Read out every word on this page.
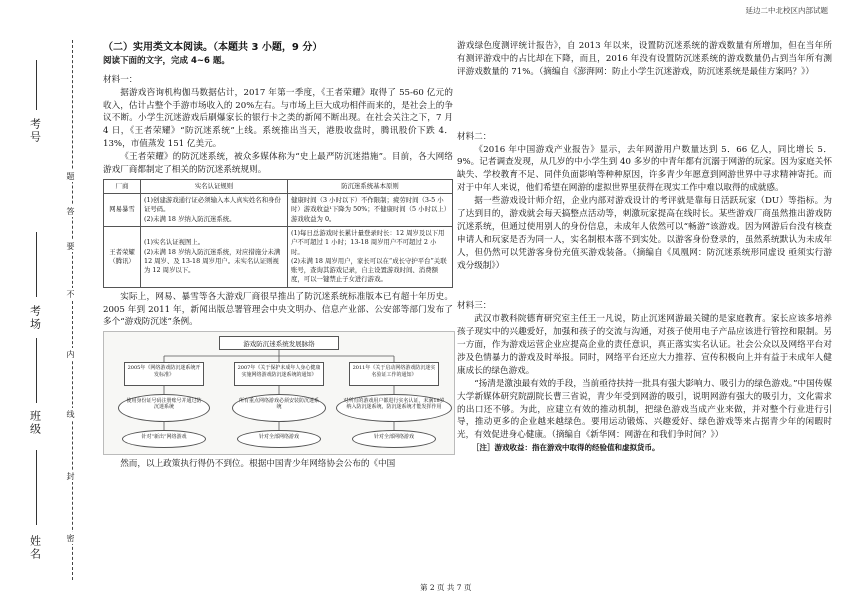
延边二中北校区内部试题
考号
考场
班级
姓名	密
封
线
内
不
要
答
题

（二）实用类文本阅读。（本题共 3 小题，9 分）

阅读下面的文字，完成 4~6 题。

材料一：

据游戏咨询机构伽马数据估计，2017 年第一季度，《王者荣耀》取得了 55-60 亿元的收入，估计占整个手游市场收入的 20%左右。与市场上巨大成功相伴而来的，是社会上的争议不断。小学生沉迷游戏后刷爆家长的银行卡之类的新闻不断出现。在社会关注之下，7 月 4 日，《王者荣耀》“防沉迷系统”上线。系统推出当天，港股收盘时，腾讯股价下跌 4．13%，市值蒸发 151 亿美元。

《王者荣耀》的防沉迷系统，被众多媒体称为“史上最严防沉迷措施”。目前，各大网络游戏厂商都制定了相关的防沉迷系统规则。

厂商	实名认证规则	防沉迷系统基本原则
网易暴雪	(1)创建游戏通行证必须输入本人真实姓名和身份证号码。
(2)未满 18 岁纳入防沉迷系统。	健康时间（3 小时以下）不作限制；疲劳时间（3-5 小时）游戏收益¹下降为 50%；不健康时间（5 小时以上）游戏收益为 0。
王者荣耀（腾讯）	(1)实名认证视图上。
(2)未满 18 岁纳入防沉迷系统，对应措施分未满 12 周岁、及 13-18 周岁用户。未实名认证则视为 12 周岁以下。	(1)每日总游戏时长累计量登录时长：12 周岁及以下用户不可超过 1 小时；13-18 周岁用户不可超过 2 小时。
(2)未满 18 周岁用户，家长可以在“成长守护平台”关联账号，查询其游戏记录，自主设置游戏时间、消费额度，可以一键禁止子女进行游戏。

实际上，网易、暴雪等各大游戏厂商很早推出了防沉迷系统标准版本已有超十年历史。2005 年到 2011 年，新闻出版总署管理会中央文明办、信息产业部、公安部等部门发布了多个“游戏防沉迷”条例。

游戏防沉迷系统发展脉络
2005年《网络游戏防沉迷系统开发标准》
2007年《关于保护未成年人身心健康实施网络游戏防沉迷系统的通知》
2011年《关于启动网络游戏防沉迷实名验证工作的通知》
使用身份证号码注册账号并通过防沉迷系统
所有重点网络游戏必须安装防沉迷系统
对所有的游戏用户都进行实名认证，未满18岁纳入防沉迷系统，防沉迷系统才能发挥作用
针对“新出”网络游戏	针对全部网络游戏	针对全部网络游戏

然而，以上政策执行得仍不到位。根据中国青少年网络协会公布的《中国

游戏绿色度测评统计报告》，自 2013 年以来，设置防沉迷系统的游戏数量有所增加，但在当年所有测评游戏中的占比却在下降，而且，2016 年没有设置防沉迷系统的游戏数量仍占到当年所有测评游戏数量的 71%。（摘编自《澎湃网：防止小学生沉迷游戏，防沉迷系统是最佳方案吗？》）

材料二：

《2016 年中国游戏产业报告》显示，去年网游用户数量达到 5．66 亿人，同比增长 5．9%。记者调查发现，从几岁的中小学生到 40 多岁的中青年都有沉溺于网游的玩家。因为家庭关怀缺失、学校教育不足、同伴负面影响等种种原因，许多青少年愿意到网游世界中寻求精神寄托。而对于中年人来说，他们希望在网游的虚拟世界里获得在现实工作中难以取得的成就感。

据一些游戏设计师介绍，企业内部对游戏设计的考评就是靠每日活跃玩家（DU）等指标。为了达到目的，游戏就会每天搞整点活动等，刺激玩家提高在线时长。某些游戏厂商虽然推出游戏防沉迷系统，但通过使用别人的身份信息，未成年人依然可以“畅游”该游戏。因为网游后台没有核查申请人和玩家是否为同一人，实名制根本落不到实处。以游客身份登录的，虽然系统默认为未成年人，但仍然可以凭游客身份充值买游戏装备。（摘编自《凤凰网：防沉迷系统形同虚设 亟须实行游戏分级制》）

材料三：

武汉市教科院德育研究室主任王一凡说，防止沉迷网游最关键的是家庭教育。家长应该多培养孩子现实中的兴趣爱好，加强和孩子的交流与沟通，对孩子使用电子产品应该进行管控和限制。另一方面，作为游戏运营企业应提高企业的责任意识，真正落实实名认证。社会公众以及网络平台对涉及色情暴力的游戏及时举报。同时，网络平台还应大力推荐、宣传积极向上并有益于未成年人健康成长的绿色游戏。

“扬清是激浊最有效的手段，当前亟待扶持一批具有强大影响力、吸引力的绿色游戏。”中国传媒大学新媒体研究院副院长曹三省说，青少年受到网游的吸引，说明网游有强大的吸引力，文化需求的出口还不够。为此，应建立有效的推动机制，把绿色游戏当成产业来做，并对整个行业进行引导，推动更多的企业越来越绿色。要用运动锻炼、兴趣爱好、绿色游戏等来占据青少年的闲暇时光，有效促进身心健康。（摘编自《新华网：网游在和我们争时间？》）

［注］游戏收益：指在游戏中取得的经验值和虚拟货币。

第 2 页 共 7 页
